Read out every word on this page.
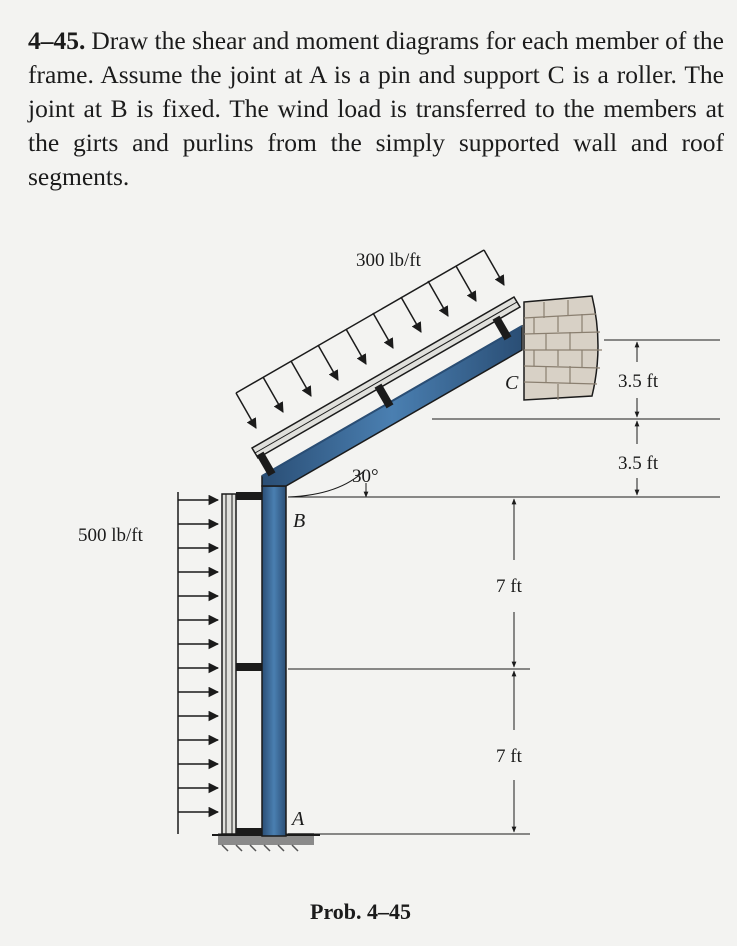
4–45. Draw the shear and moment diagrams for each member of the frame. Assume the joint at A is a pin and support C is a roller. The joint at B is fixed. The wind load is transferred to the members at the girts and purlins from the simply supported wall and roof segments.

300 lb/ft
500 lb/ft
30°
7 ft
7 ft
3.5 ft
3.5 ft
B
A
C
Prob. 4–45
